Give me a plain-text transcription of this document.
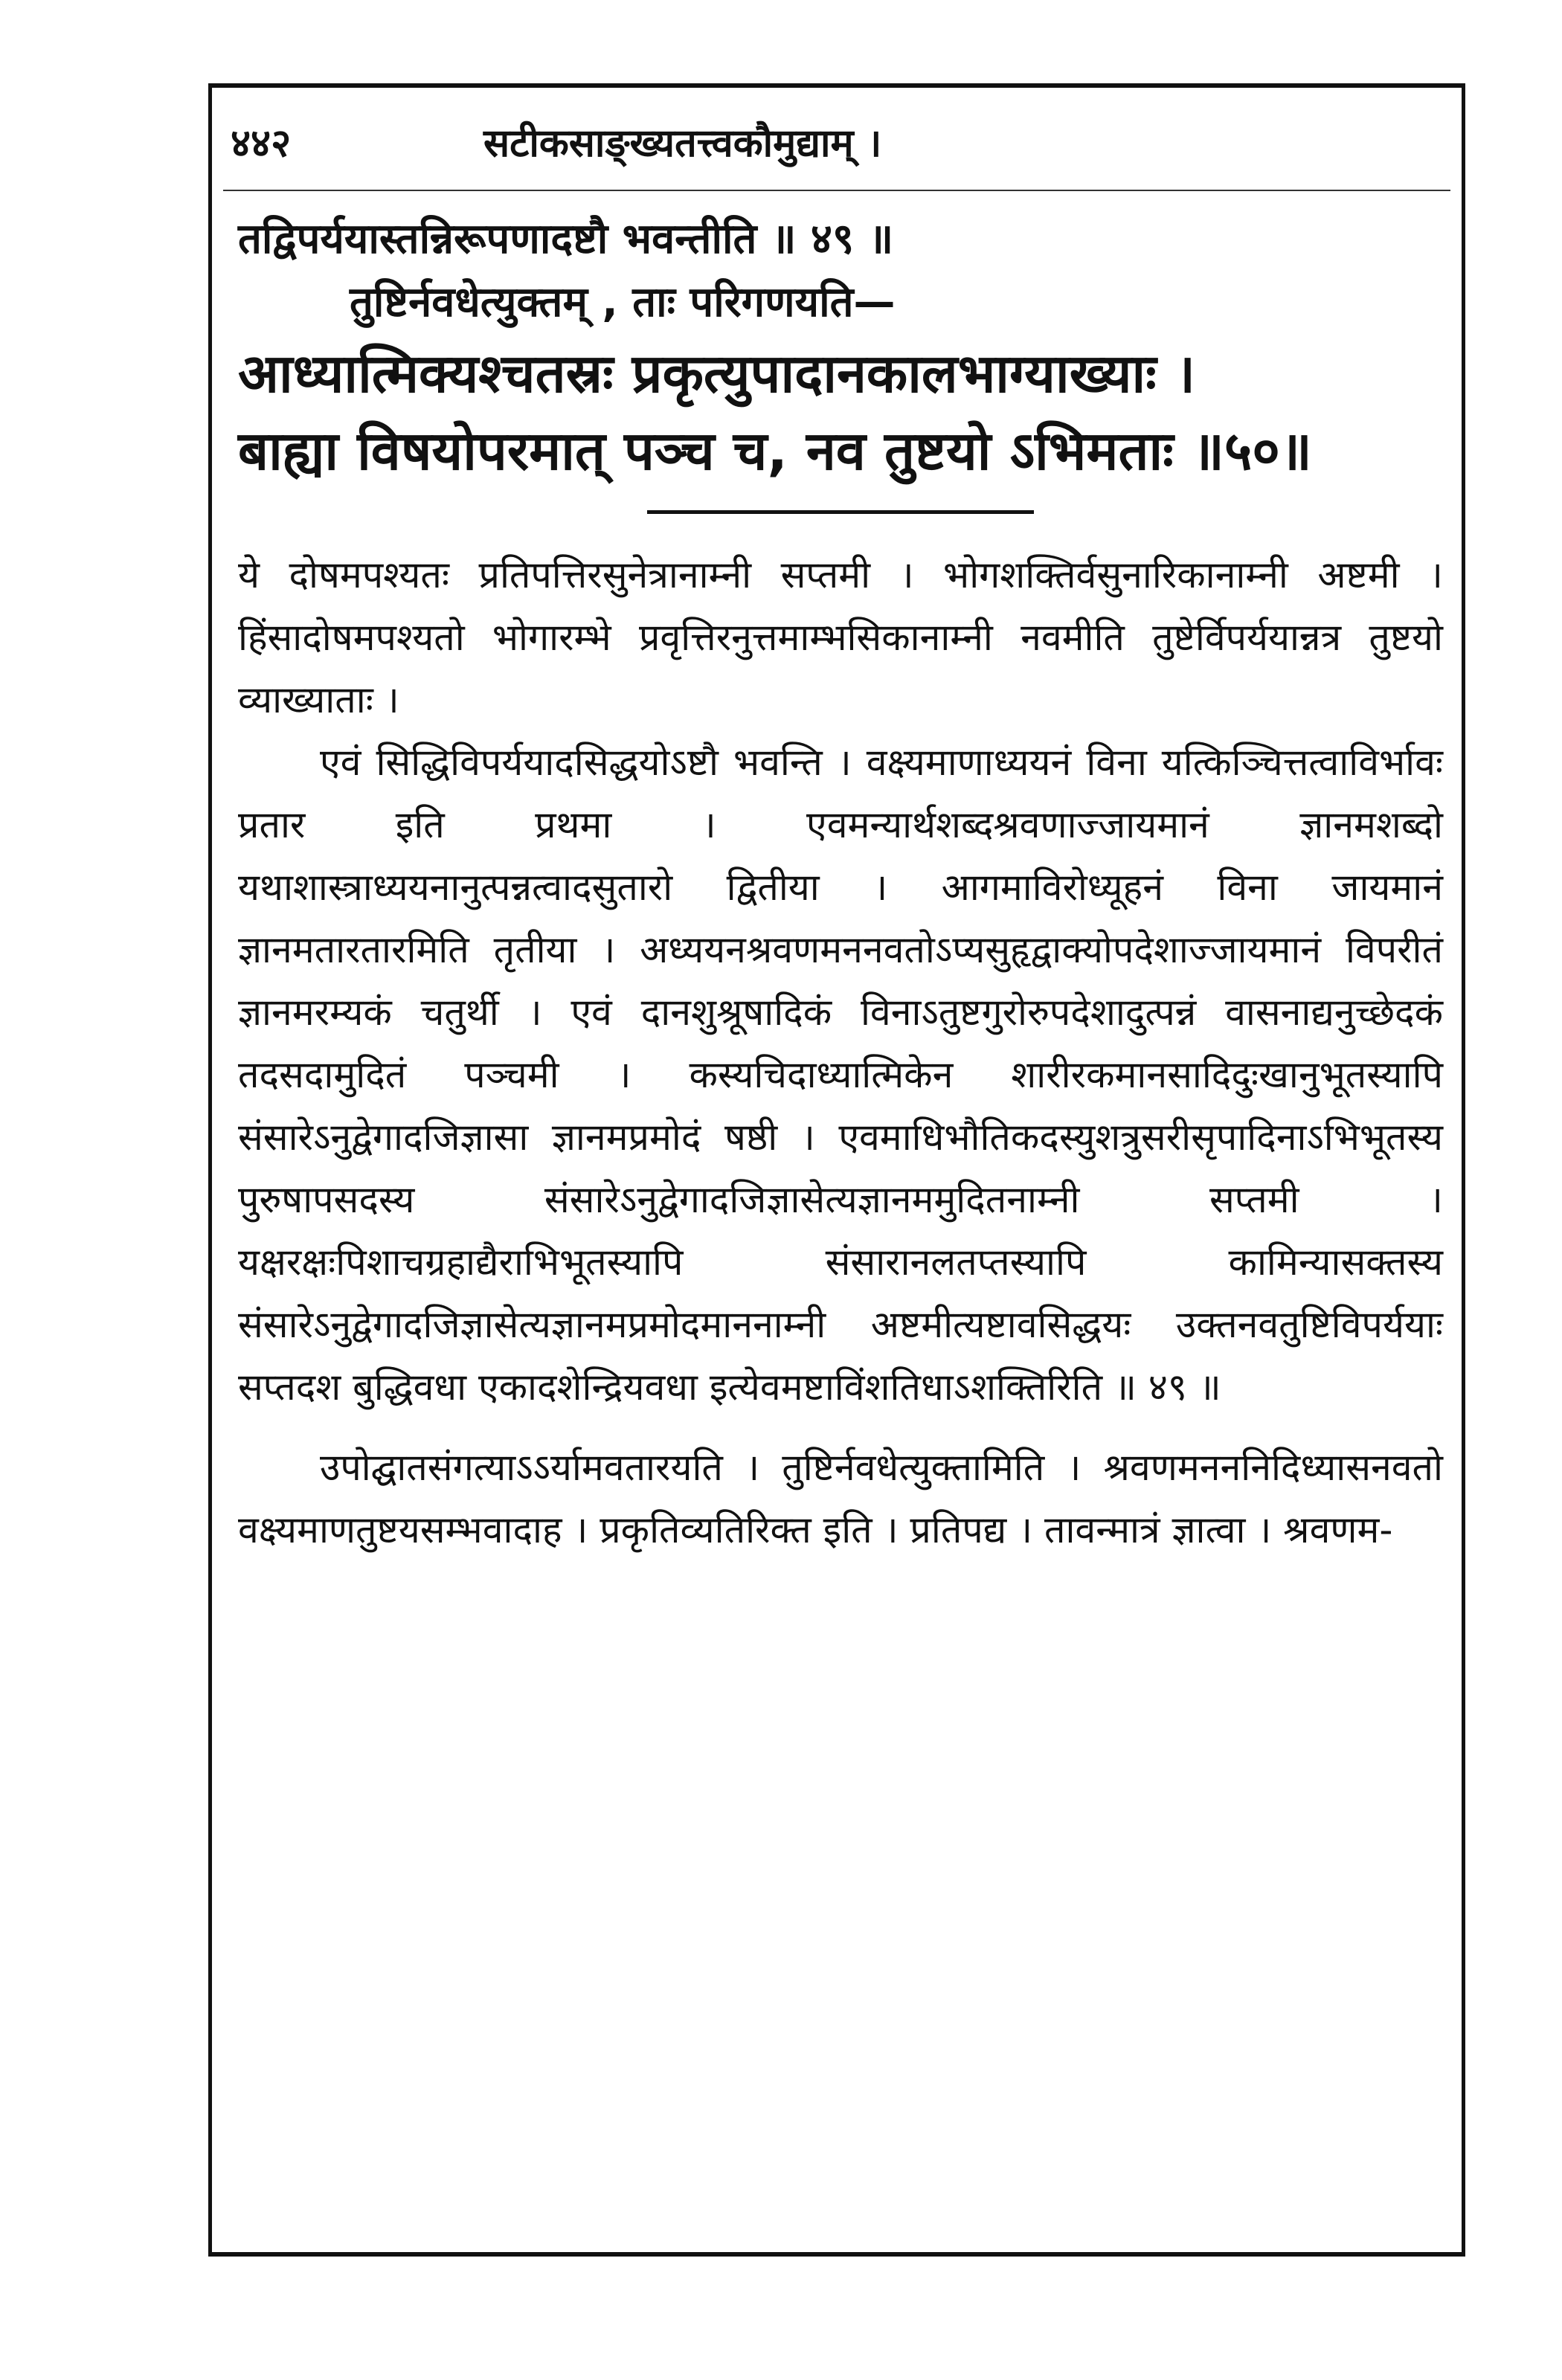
४४२	सटीकसाङ्ख्यतत्त्वकौमुद्याम् ।

तद्विपर्ययास्तन्निरूपणादष्टौ भवन्तीति ॥ ४९ ॥

तुष्टिर्नवधेत्युक्तम् , ताः परिगणयति—

आध्यात्मिक्यश्चतस्रः प्रकृत्युपादानकालभाग्याख्याः ।

बाह्या विषयोपरमात् पञ्च च, नव तुष्टयो ऽभिमताः ॥५०॥

ये दोषमपश्यतः प्रतिपत्तिरसुनेत्रानाम्नी सप्तमी । भोगशक्तिर्वसुनारिकानाम्नी अष्टमी । हिंसादोषमपश्यतो भोगारम्भे प्रवृत्तिरनुत्तमाम्भसिकानाम्नी नवमीति तुष्टेर्विपर्ययान्नत्र तुष्टयो व्याख्याताः ।

एवं सिद्धिविपर्ययादसिद्धयोऽष्टौ भवन्ति । वक्ष्यमाणाध्ययनं विना यत्किञ्चित्तत्वाविर्भावः प्रतार इति प्रथमा । एवमन्यार्थशब्दश्रवणाज्जायमानं ज्ञानमशब्दो यथाशास्त्राध्ययनानुत्पन्नत्वादसुतारो द्वितीया । आगमाविरोध्यूहनं विना जायमानं ज्ञानमतारतारमिति तृतीया । अध्ययनश्रवणमननवतोऽप्यसुहृद्वाक्योपदेशाज्जायमानं विपरीतं ज्ञानमरम्यकं चतुर्थी । एवं दानशुश्रूषादिकं विनाऽतुष्टगुरोरुपदेशादुत्पन्नं वासनाद्यनुच्छेदकं तदसदामुदितं पञ्चमी । कस्यचिदाध्यात्मिकेन शारीरकमानसादिदुःखानुभूतस्यापि संसारेऽनुद्वेगादजिज्ञासा ज्ञानमप्रमोदं षष्ठी । एवमाधिभौतिकदस्युशत्रुसरीसृपादिनाऽभिभूतस्य पुरुषापसदस्य संसारेऽनुद्वेगादजिज्ञासेत्यज्ञानममुदितनाम्नी सप्तमी । यक्षरक्षःपिशाचग्रहाद्यैराभिभूतस्यापि संसारानलतप्तस्यापि कामिन्यासक्तस्य संसारेऽनुद्वेगादजिज्ञासेत्यज्ञानमप्रमोदमाननाम्नी अष्टमीत्यष्टावसिद्धयः उक्तनवतुष्टिविपर्ययाः सप्तदश बुद्धिवधा एकादशेन्द्रियवधा इत्येवमष्टाविंशतिधाऽशक्तिरिति ॥ ४९ ॥

उपोद्घातसंगत्याऽऽर्यामवतारयति । तुष्टिर्नवधेत्युक्तामिति । श्रवणमनननिदिध्यासनवतो वक्ष्यमाणतुष्टयसम्भवादाह । प्रकृतिव्यतिरिक्त इति । प्रतिपद्य । तावन्मात्रं ज्ञात्वा । श्रवणम-
